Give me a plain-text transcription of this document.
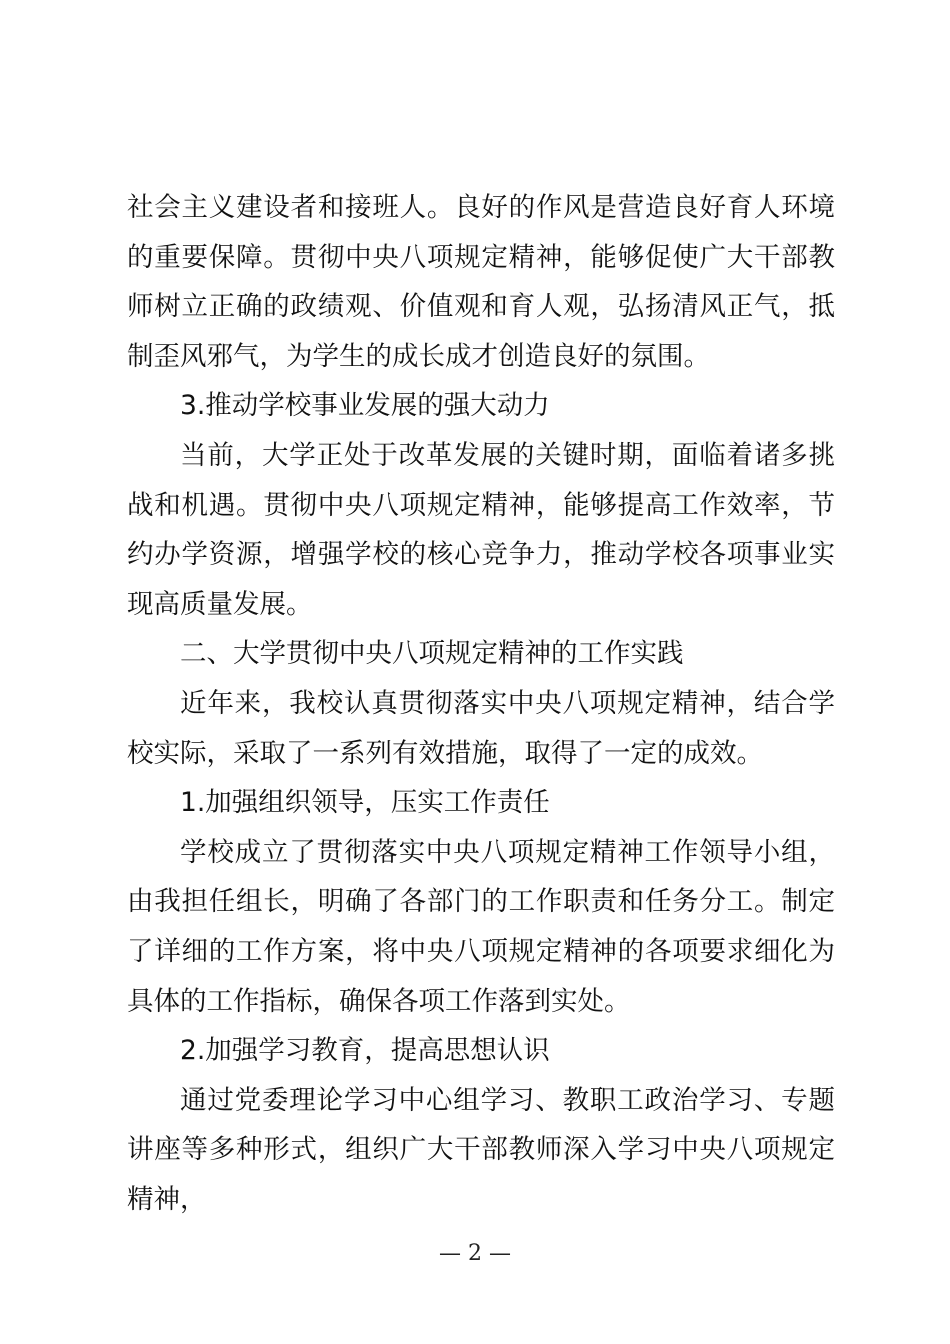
社会主义建设者和接班人。良好的作风是营造良好育人环境的重要保障。贯彻中央八项规定精神，能够促使广大干部教师树立正确的政绩观、价值观和育人观，弘扬清风正气，抵制歪风邪气，为学生的成长成才创造良好的氛围。

3.推动学校事业发展的强大动力

当前，大学正处于改革发展的关键时期，面临着诸多挑战和机遇。贯彻中央八项规定精神，能够提高工作效率，节约办学资源，增强学校的核心竞争力，推动学校各项事业实现高质量发展。

二、大学贯彻中央八项规定精神的工作实践

近年来，我校认真贯彻落实中央八项规定精神，结合学校实际，采取了一系列有效措施，取得了一定的成效。

1.加强组织领导，压实工作责任

学校成立了贯彻落实中央八项规定精神工作领导小组，由我担任组长，明确了各部门的工作职责和任务分工。制定了详细的工作方案，将中央八项规定精神的各项要求细化为具体的工作指标，确保各项工作落到实处。

2.加强学习教育，提高思想认识

通过党委理论学习中心组学习、教职工政治学习、专题讲座等多种形式，组织广大干部教师深入学习中央八项规定精神，

— 2 —
